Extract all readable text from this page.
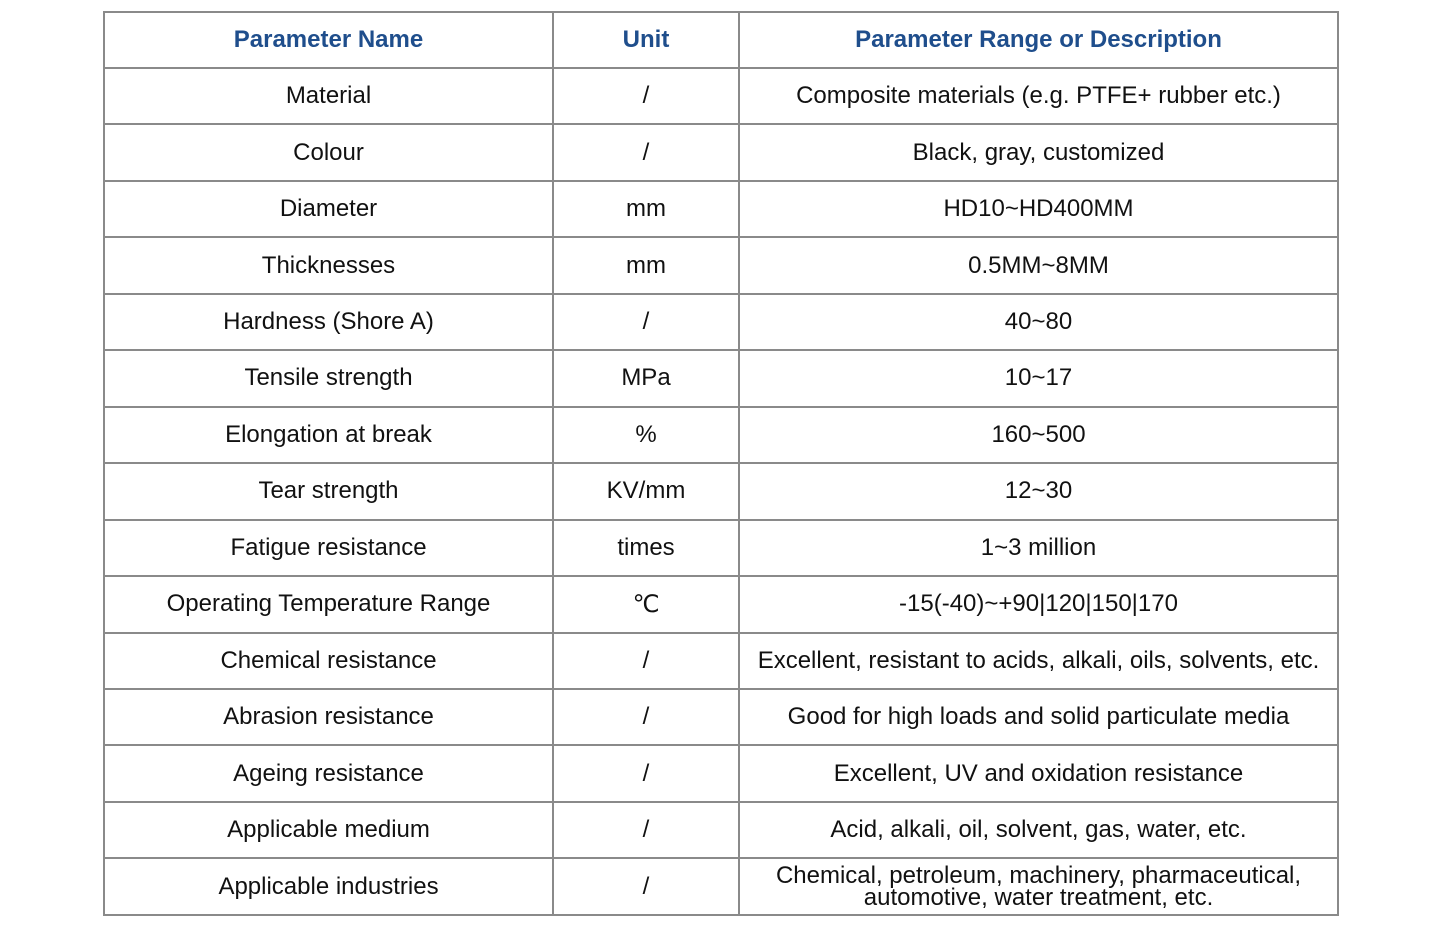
Parameter Name	Unit	Parameter Range or Description
Material	/	Composite materials (e.g. PTFE+ rubber etc.)
Colour	/	Black, gray, customized
Diameter	mm	HD10~HD400MM
Thicknesses	mm	0.5MM~8MM
Hardness (Shore A)	/	40~80
Tensile strength	MPa	10~17
Elongation at break	%	160~500
Tear strength	KV/mm	12~30
Fatigue resistance	times	1~3 million
Operating Temperature Range	℃	-15(-40)~+90|120|150|170
Chemical resistance	/	Excellent, resistant to acids, alkali, oils, solvents, etc.
Abrasion resistance	/	Good for high loads and solid particulate media
Ageing resistance	/	Excellent, UV and oxidation resistance
Applicable medium	/	Acid, alkali, oil, solvent, gas, water, etc.
Applicable industries	/	Chemical, petroleum, machinery, pharmaceutical, automotive, water treatment, etc.
